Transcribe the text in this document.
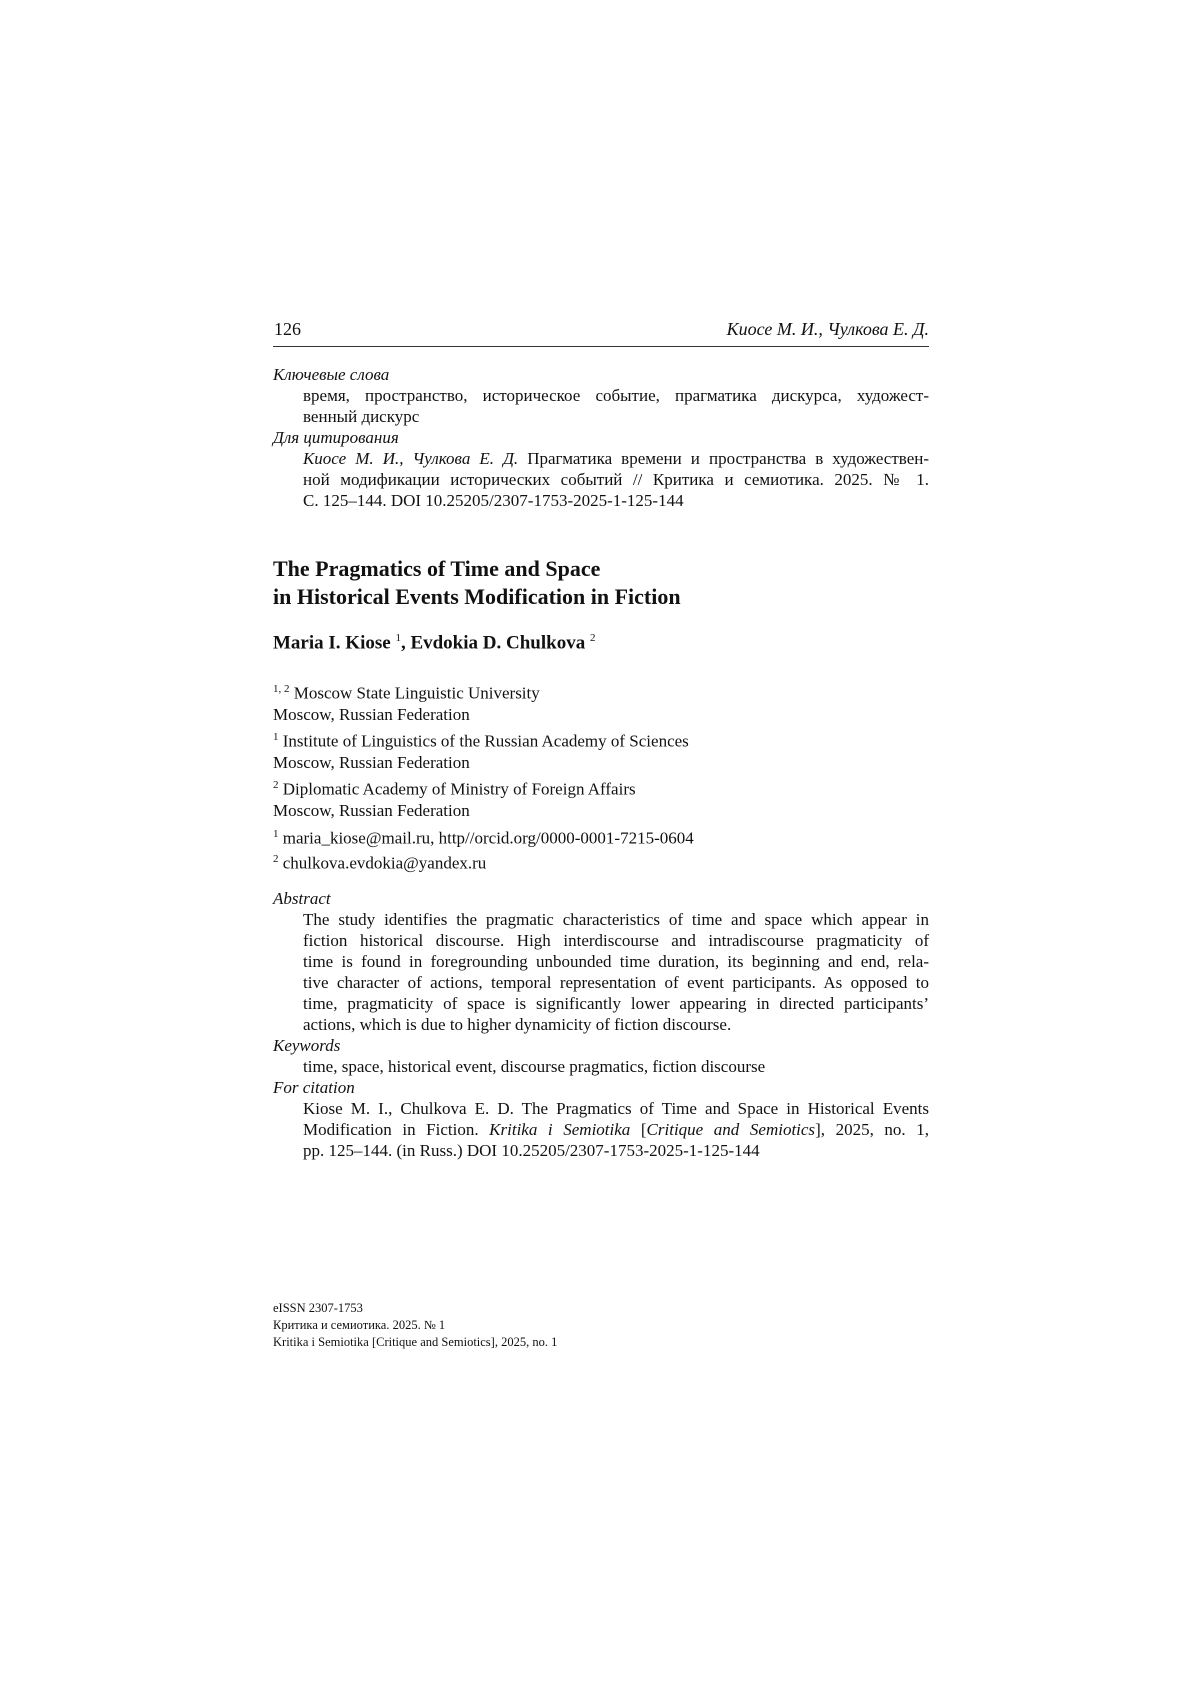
126	Киосе М. И., Чулкова Е. Д.
Ключевые слова
время, пространство, историческое событие, прагматика дискурса, художест-
венный дискурс
Для цитирования
Киосе М. И., Чулкова Е. Д. Прагматика времени и пространства в художествен-
ной модификации исторических событий // Критика и семиотика. 2025. № 1.
С. 125–144. DOI 10.25205/2307-1753-2025-1-125-144
The Pragmatics of Time and Space
in Historical Events Modification in Fiction
Maria I. Kiose $^1$, Evdokia D. Chulkova $^2$
$^{1, 2}$ Moscow State Linguistic University
Moscow, Russian Federation
$^1$ Institute of Linguistics of the Russian Academy of Sciences
Moscow, Russian Federation
$^2$ Diplomatic Academy of Ministry of Foreign Affairs
Moscow, Russian Federation
$^1$ maria_kiose@mail.ru, http//orcid.org/0000-0001-7215-0604
$^2$ chulkova.evdokia@yandex.ru
Abstract
The study identifies the pragmatic characteristics of time and space which appear in
fiction historical discourse. High interdiscourse and intradiscourse pragmaticity of
time is found in foregrounding unbounded time duration, its beginning and end, rela-
tive character of actions, temporal representation of event participants. As opposed to
time, pragmaticity of space is significantly lower appearing in directed participants’
actions, which is due to higher dynamicity of fiction discourse.
Keywords
time, space, historical event, discourse pragmatics, fiction discourse
For citation
Kiose M. I., Chulkova E. D. The Pragmatics of Time and Space in Historical Events
Modification in Fiction. Kritika i Semiotika [Critique and Semiotics], 2025, no. 1,
pp. 125–144. (in Russ.) DOI 10.25205/2307-1753-2025-1-125-144
eISSN 2307-1753
Критика и семиотика. 2025. № 1
Kritika i Semiotika [Critique and Semiotics], 2025, no. 1
